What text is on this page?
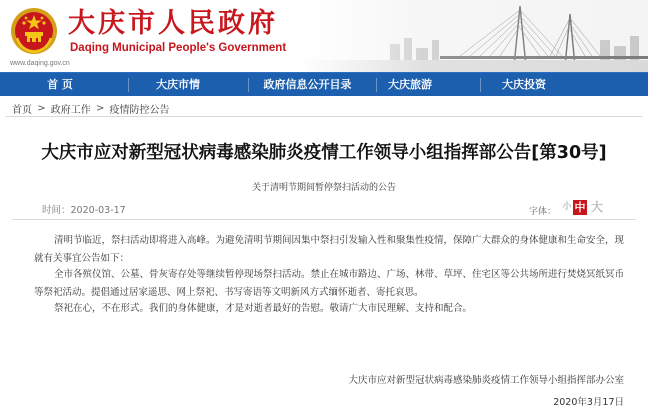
大庆市人民政府
Daqing Municipal People's Government
www.daqing.gov.cn
首 页	大庆市情	政府信息公开目录	大庆旅游	大庆投资
首页 > 政府工作 > 疫情防控公告
大庆市应对新型冠状病毒感染肺炎疫情工作领导小组指挥部公告[第30号]
关于清明节期间暂停祭扫活动的公告
时间：2020-03-17	字体： 小 中 大

清明节临近，祭扫活动即将进入高峰。为避免清明节期间因集中祭扫引发输入性和聚集性疫情，保障广大群众的身体健康和生命安全，现就有关事宜公告如下：

全市各殡仪馆、公墓、骨灰寄存处等继续暂停现场祭扫活动。禁止在城市路边、广场、林带、草坪、住宅区等公共场所进行焚烧冥纸冥币等祭祀活动。提倡通过居家遥思、网上祭祀、书写寄语等文明新风方式缅怀逝者、寄托哀思。

祭祀在心，不在形式。我们的身体健康，才是对逝者最好的告慰。敬请广大市民理解、支持和配合。

大庆市应对新型冠状病毒感染肺炎疫情工作领导小组指挥部办公室
2020年3月17日
